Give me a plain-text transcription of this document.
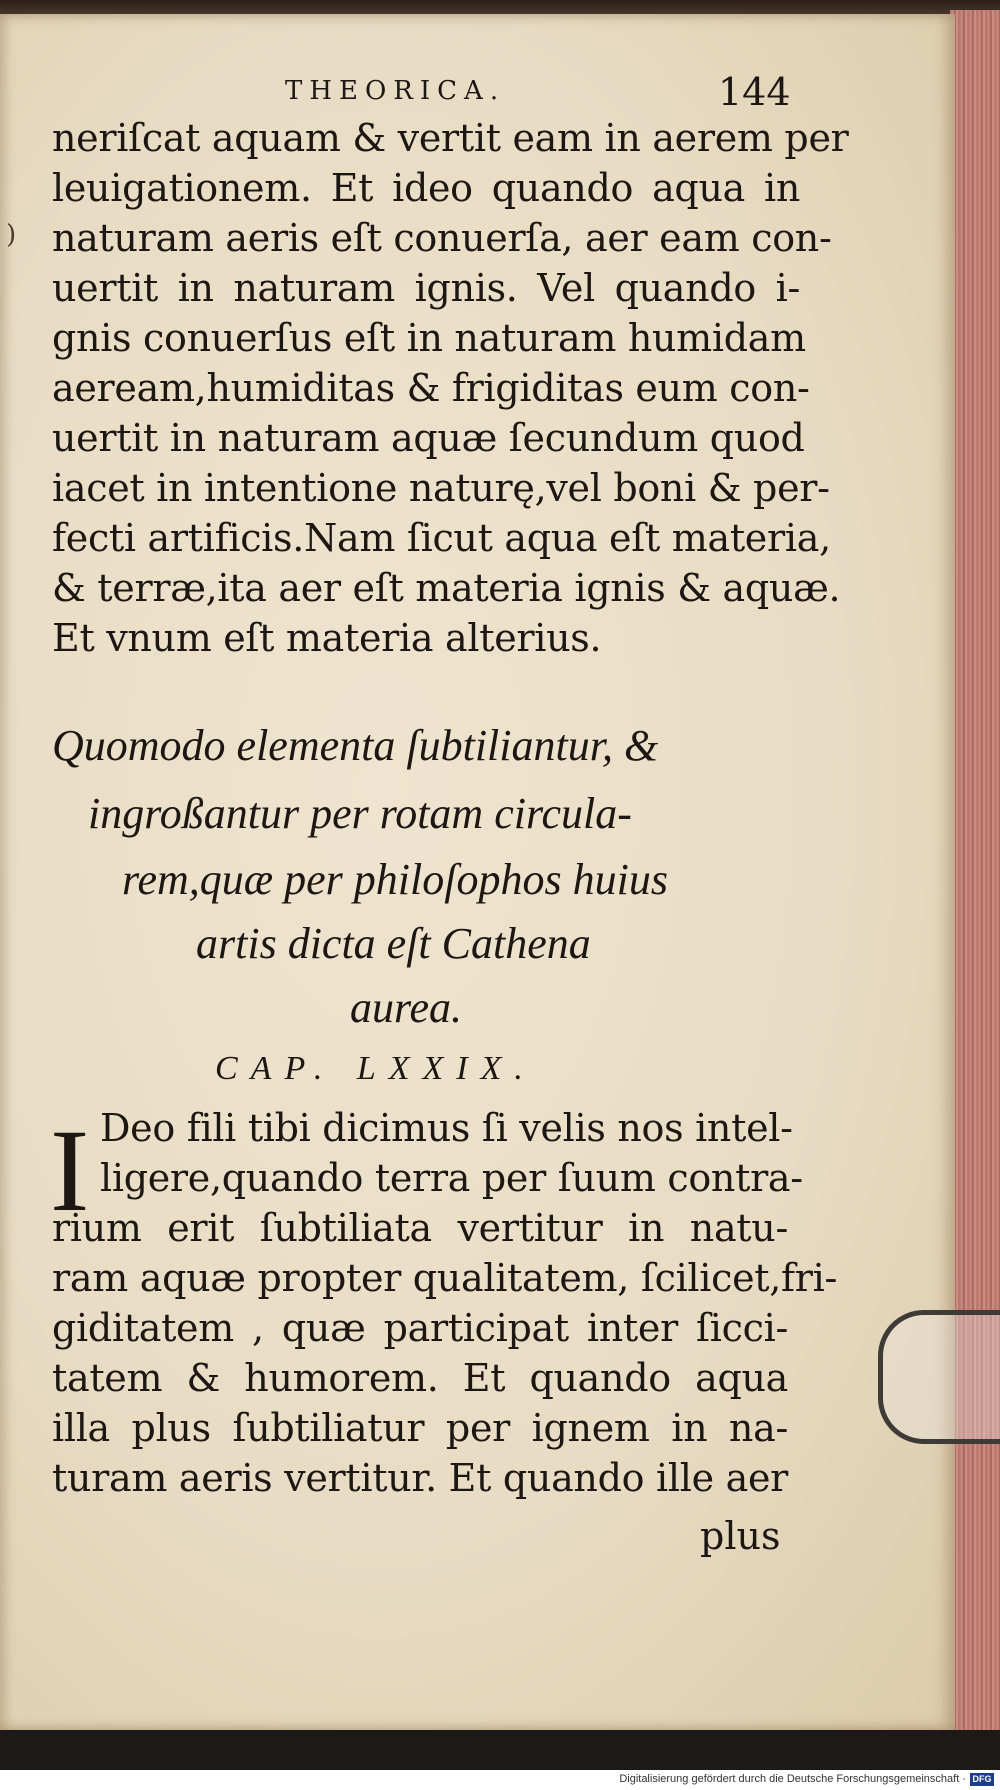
THEORICA.	144
)
neriſcat aquam & vertit eam in aerem per
leuigationem. Et ideo quando aqua in
naturam aeris eſt conuerſa, aer eam con-
uertit in naturam ignis. Vel quando i-
gnis conuerſus eſt in naturam humidam
aeream,humiditas & frigiditas eum con-
uertit in naturam aquæ ſecundum quod
iacet in intentione naturę,vel boni & per-
fecti artificis.Nam ſicut aqua eſt materia,
& terræ,ita aer eſt materia ignis & aquæ.
Et vnum eſt materia alterius.
Quomodo elementa ſubtiliantur, &
ingroßantur per rotam circula-
rem,quæ per philoſophos huius
artis dicta eſt Cathena
aurea.
CAP. LXXIX.
I Deo fili tibi dicimus ſi velis nos intel-
ligere,quando terra per ſuum contra-
rium erit ſubtiliata vertitur in natu-
ram aquæ propter qualitatem, ſcilicet,fri-
giditatem , quæ participat inter ſicci-
tatem & humorem. Et quando aqua
illa plus ſubtiliatur per ignem in na-
turam aeris vertitur. Et quando ille aer
plus
Digitalisierung gefördert durch die Deutsche Forschungsgemeinschaft · DFG
